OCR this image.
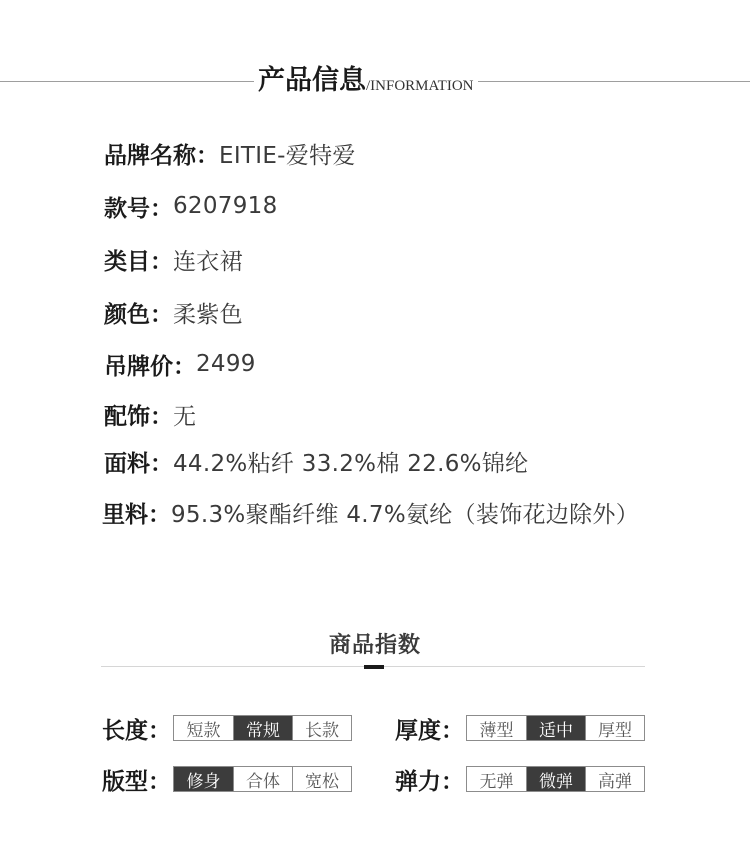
产品信息 /INFORMATION
品牌名称： EITIE-爱特爱
款号： 6207918
类目： 连衣裙
颜色： 柔紫色
吊牌价： 2499
配饰： 无
面料： 44.2%粘纤 33.2%棉 22.6%锦纶
里料： 95.3%聚酯纤维 4.7%氨纶（装饰花边除外）
商品指数
长度： 短款	常规	长款	厚度： 薄型	适中	厚型
版型： 修身	合体	宽松	弹力： 无弹	微弹	高弹
